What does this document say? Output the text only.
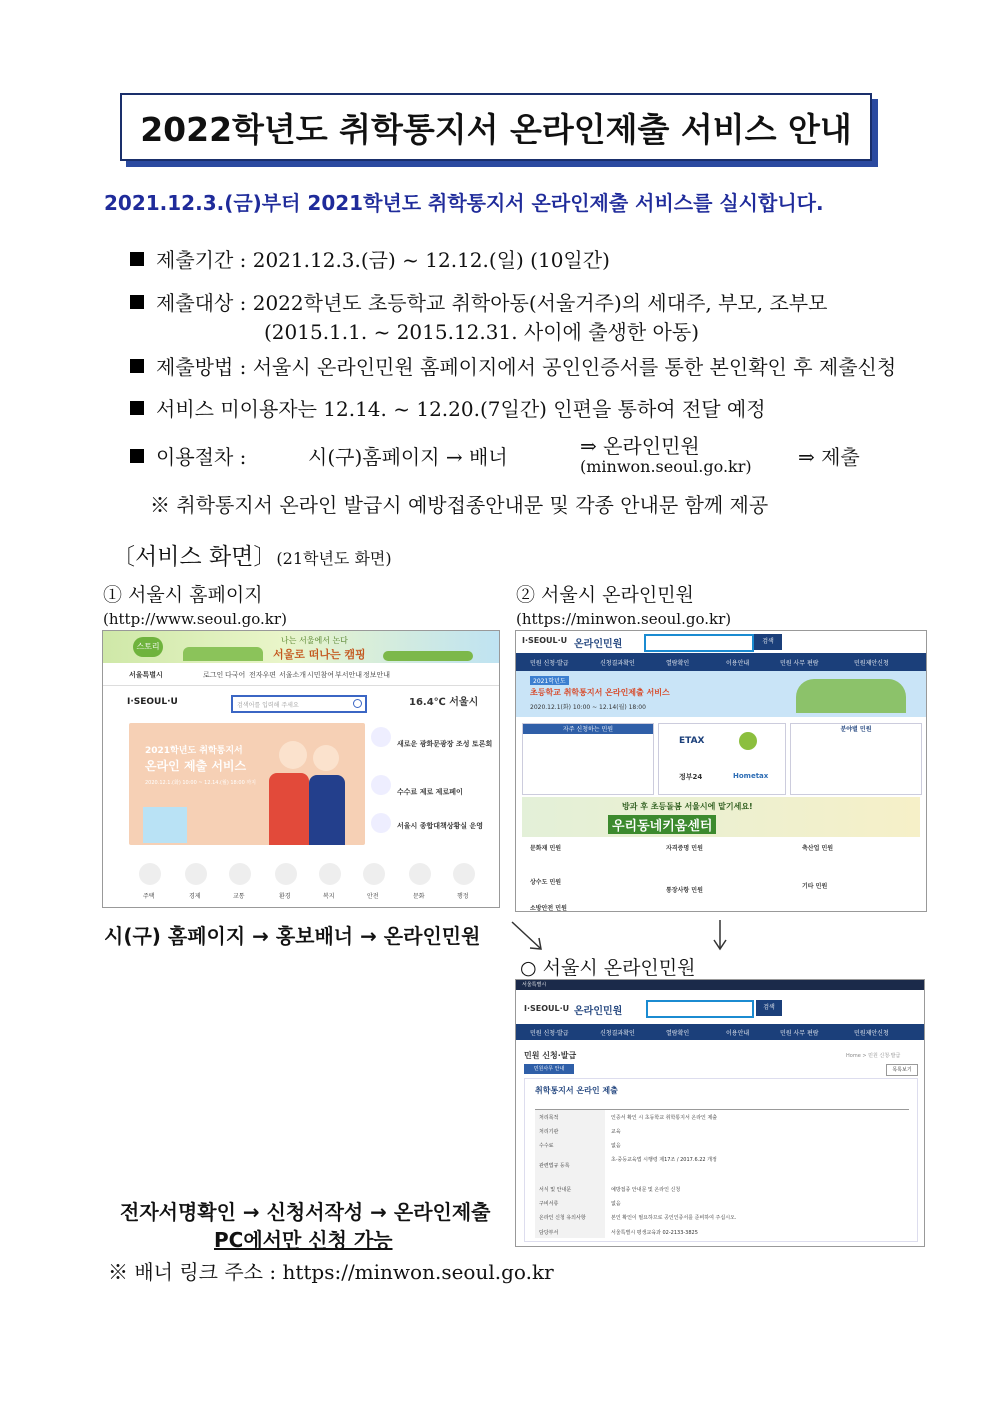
2022학년도 취학통지서 온라인제출 서비스 안내
2021.12.3.(금)부터 2021학년도 취학통지서 온라인제출 서비스를 실시합니다.
제출기간 : 2021.12.3.(금) ~ 12.12.(일) (10일간)
제출대상 : 2022학년도 초등학교 취학아동(서울거주)의 세대주, 부모, 조부모
(2015.1.1. ~ 2015.12.31. 사이에 출생한 아동)
제출방법 : 서울시 온라인민원 홈페이지에서 공인인증서를 통한 본인확인 후 제출신청
서비스 미이용자는 12.14. ~ 12.20.(7일간) 인편을 통하여 전달 예정
이용절차 :	시(구)홈페이지 → 배너	⇒ 온라인민원
(minwon.seoul.go.kr) ⇒ 제출
※ 취학통지서 온라인 발급시 예방접종안내문 및 각종 안내문 함께 제공
〔서비스 화면〕(21학년도 화면)
① 서울시 홈페이지
(http://www.seoul.go.kr)
② 서울시 온라인민원
(https://minwon.seoul.go.kr)
스토리
나는 서울에서 논다
서울로 떠나는 캠핑
서울특별시	로그인 다국어 전자우편 서울소개 시민참여 부서안내 정보안내
I·SEOUL·U	검색어를 입력해 주세요	16.4℃ 서울시
2021학년도 취학통지서
온라인 제출 서비스
2020.12.1.(화) 10:00 ~ 12.14.(월) 18:00 까지
새로운 광화문광장 조성 토론회
수수료 제로 제로페이
서울시 종합대책상황실 운영
주택	경제	교통	환경	복지	안전	문화	행정
I·SEOUL·U 온라인민원	검색
민원 신청·발급	신청결과확인	열람확인	이용안내	민원 사무 편람	민원제안신청
2021학년도
초등학교 취학통지서 온라인제출 서비스
2020.12.1(화) 10:00 ~ 12.14(월) 18:00
자주 신청하는 민원
ETAX
정부24	Hometax
분야별 민원
방과 후 초등돌봄 서울시에 맡기세요!
우리동네키움센터
문화재 민원	자격증명 민원	축산업 민원
상수도 민원
통장사항 민원
기타 민원
소방안전 민원
시(구) 홈페이지 → 홍보배너 → 온라인민원
○ 서울시 온라인민원
서울특별시
I·SEOUL·U 온라인민원	검색
민원 신청·발급	신청결과확인	열람확인	이용안내	민원 사무 편람	민원제안신청
민원 신청·발급	Home > 민원 신청·발급
민원사무 안내	목록보기
취학통지서 온라인 제출
처리목적	인증서 확인 시 초등학교 취학통지서 온라인 제출
처리기관	교육
수수료	없음
관련법규 등록
초·중등교육법 시행령 제17조 / 2017.6.22 개정
서식 및 안내문	예방접종 안내문 및 온라인 신청
구비서류	없음
온라인 신청 유의사항	본인 확인이 필요하므로 공인인증서를 준비하여 주십시오.
담당부서	서울특별시 평생교육과 02-2133-3825
전자서명확인 → 신청서작성 → 온라인제출
PC에서만 신청 가능
※ 배너 링크 주소 : https://minwon.seoul.go.kr
